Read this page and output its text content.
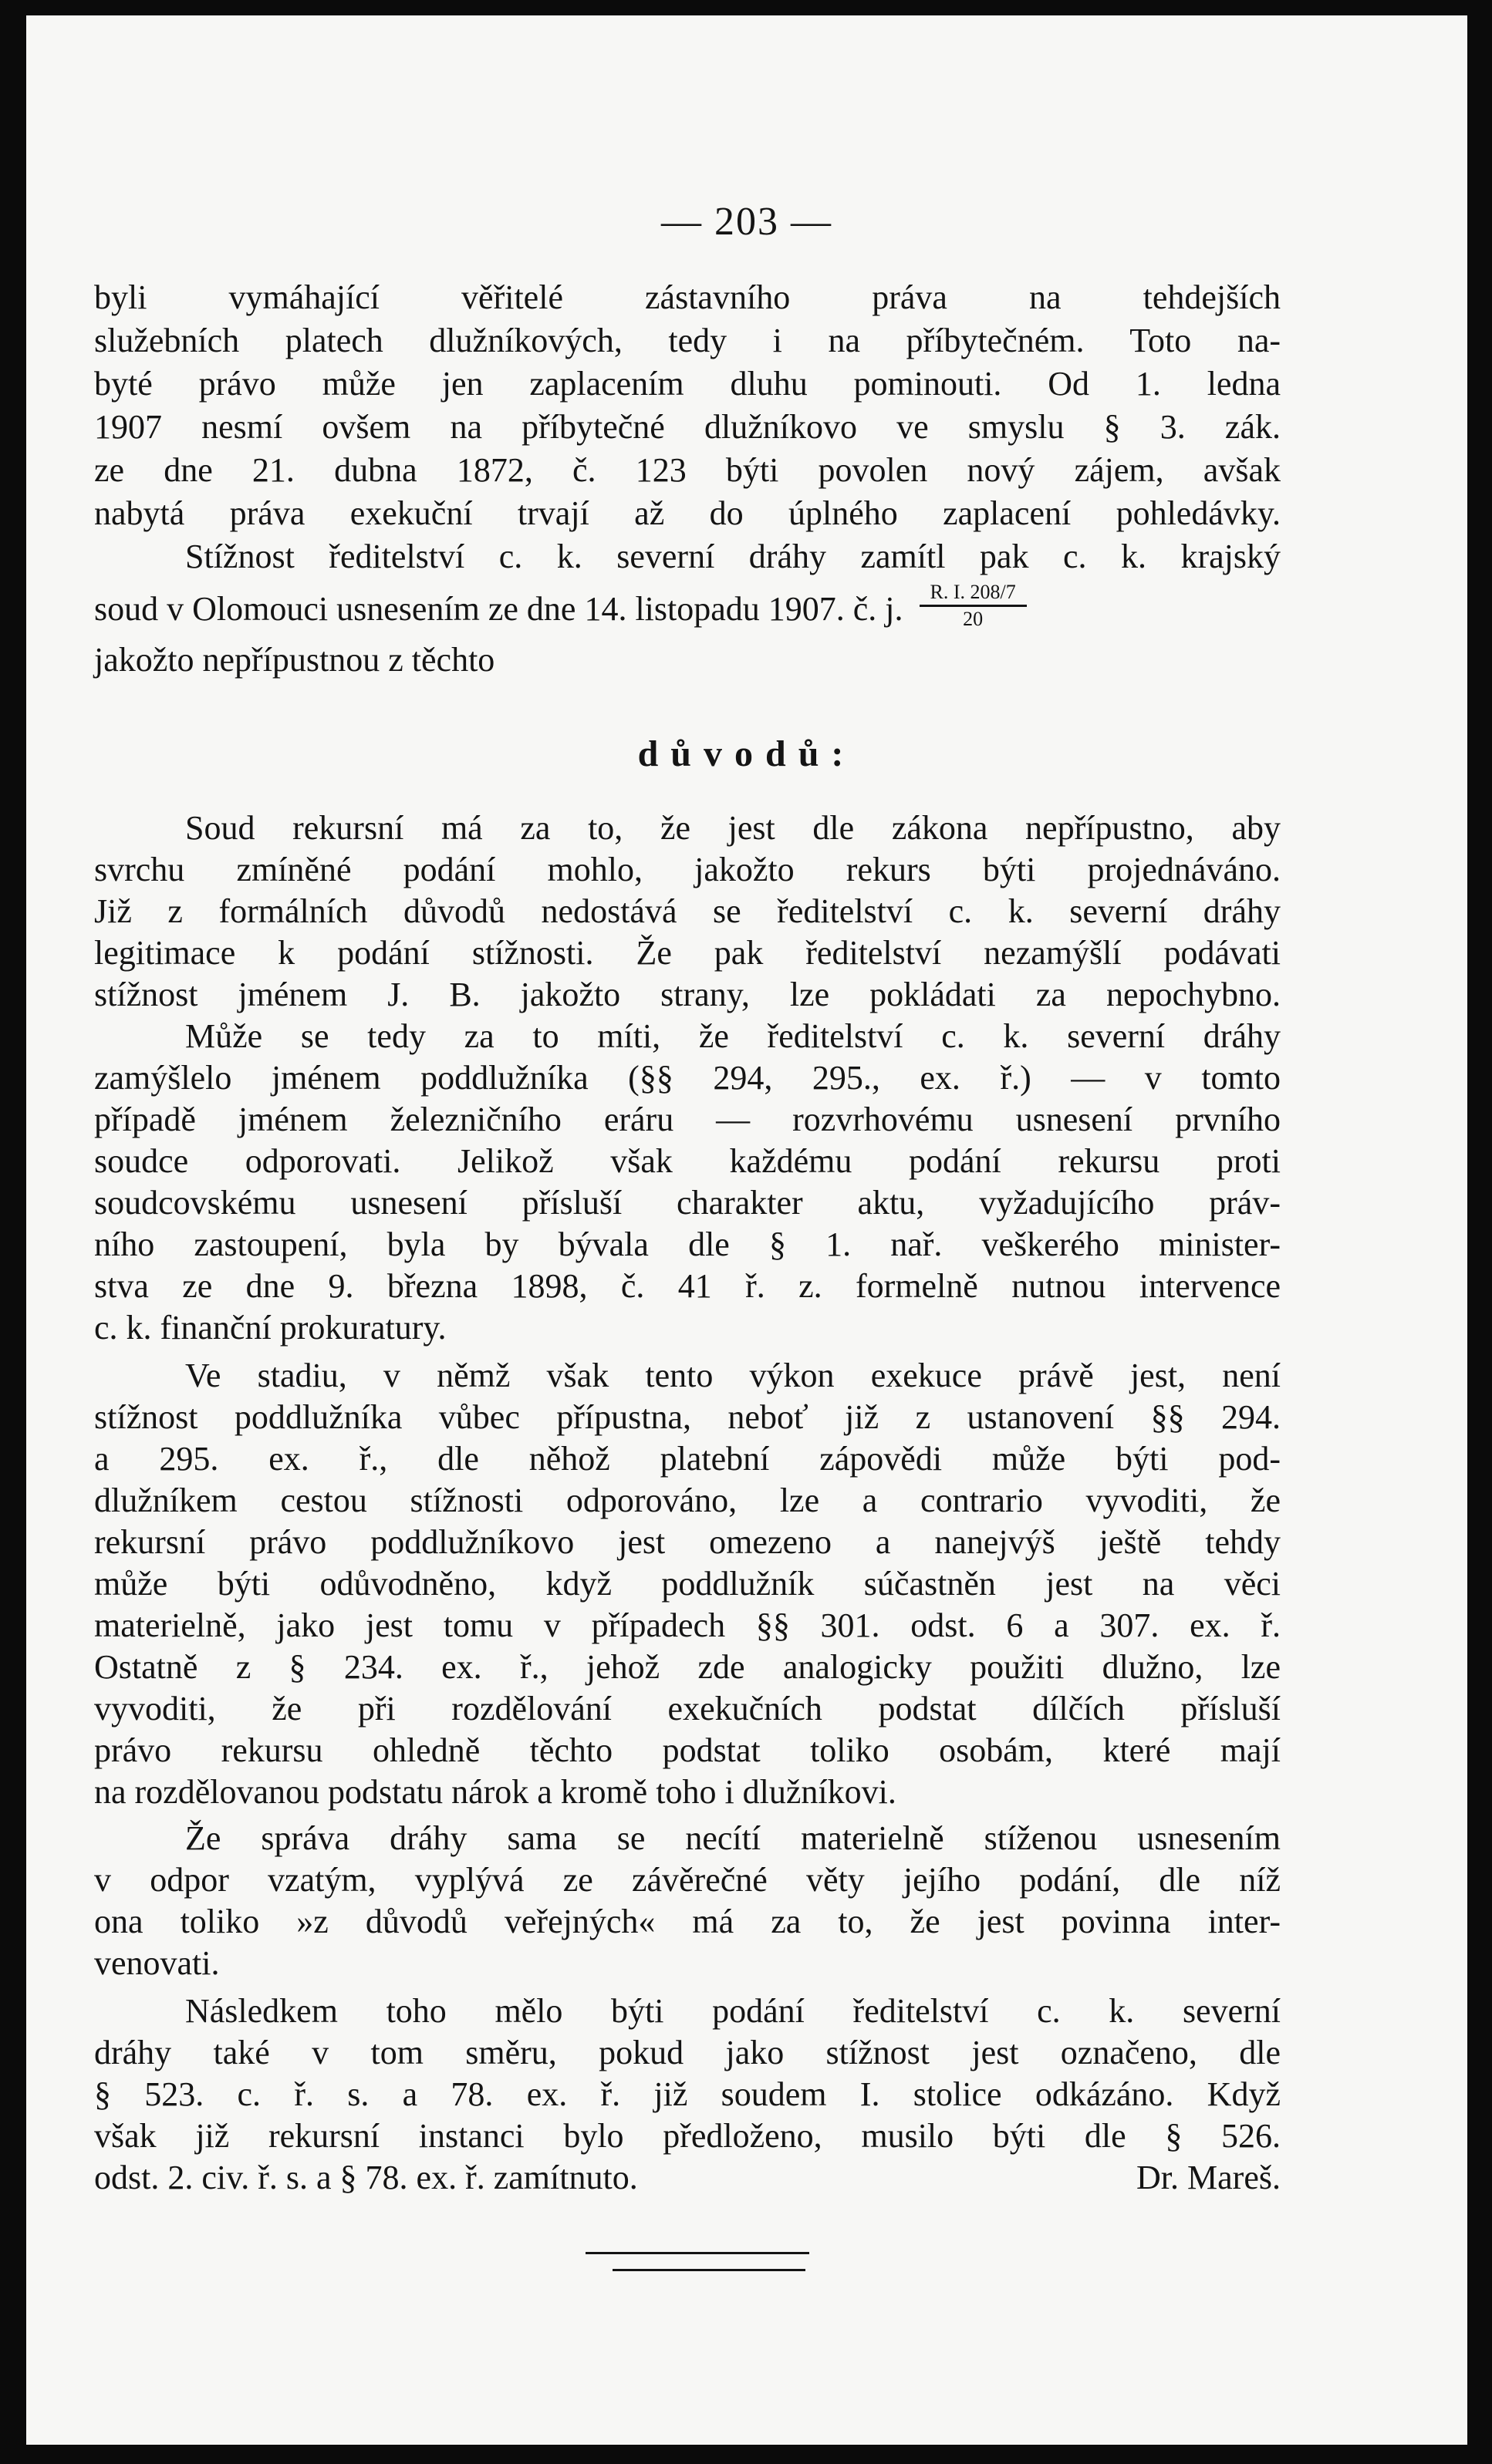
— 203 —
byli vymáhající věřitelé zástavního práva na tehdejších
služebních platech dlužníkových, tedy i na příbytečném. Toto na-
byté právo může jen zaplacením dluhu pominouti. Od 1. ledna
1907 nesmí ovšem na příbytečné dlužníkovo ve smyslu § 3. zák.
ze dne 21. dubna 1872, č. 123 býti povolen nový zájem, avšak
nabytá práva exekuční trvají až do úplného zaplacení pohledávky.
Stížnost ředitelství c. k. severní dráhy zamítl pak c. k. krajský
soud v Olomouci usnesením ze dne 14. listopadu 1907. č. j. $\frac{R. I. 208/7}{20}$
jakožto nepřípustnou z těchto
Soud rekursní má za to, že jest dle zákona nepřípustno, aby
svrchu zmíněné podání mohlo, jakožto rekurs býti projednáváno.
Již z formálních důvodů nedostává se ředitelství c. k. severní dráhy
legitimace k podání stížnosti. Že pak ředitelství nezamýšlí podávati
stížnost jménem J. B. jakožto strany, lze pokládati za nepochybno.
Může se tedy za to míti, že ředitelství c. k. severní dráhy
zamýšlelo jménem poddlužníka (§§ 294, 295., ex. ř.) — v tomto
případě jménem železničního eráru — rozvrhovému usnesení prvního
soudce odporovati. Jelikož však každému podání rekursu proti
soudcovskému usnesení přísluší charakter aktu, vyžadujícího práv-
ního zastoupení, byla by bývala dle § 1. nař. veškerého minister-
stva ze dne 9. března 1898, č. 41 ř. z. formelně nutnou intervence
c. k. finanční prokuratury.
Ve stadiu, v němž však tento výkon exekuce právě jest, není
stížnost poddlužníka vůbec přípustna, neboť již z ustanovení §§ 294.
a 295. ex. ř., dle něhož platební zápovědi může býti pod-
dlužníkem cestou stížnosti odporováno, lze a contrario vyvoditi, že
rekursní právo poddlužníkovo jest omezeno a nanejvýš ještě tehdy
může býti odůvodněno, když poddlužník súčastněn jest na věci
materielně, jako jest tomu v případech §§ 301. odst. 6 a 307. ex. ř.
Ostatně z § 234. ex. ř., jehož zde analogicky použiti dlužno, lze
vyvoditi, že při rozdělování exekučních podstat dílčích přísluší
právo rekursu ohledně těchto podstat toliko osobám, které mají
na rozdělovanou podstatu nárok a kromě toho i dlužníkovi.
Že správa dráhy sama se necítí materielně stíženou usnesením
v odpor vzatým, vyplývá ze závěrečné věty jejího podání, dle níž
ona toliko »z důvodů veřejných« má za to, že jest povinna inter-
venovati.
Následkem toho mělo býti podání ředitelství c. k. severní
dráhy také v tom směru, pokud jako stížnost jest označeno, dle
§ 523. c. ř. s. a 78. ex. ř. již soudem I. stolice odkázáno. Když
však již rekursní instanci bylo předloženo, musilo býti dle § 526.
odst. 2. civ. ř. s. a § 78. ex. ř. zamítnuto.	Dr. Mareš.
důvodů:
